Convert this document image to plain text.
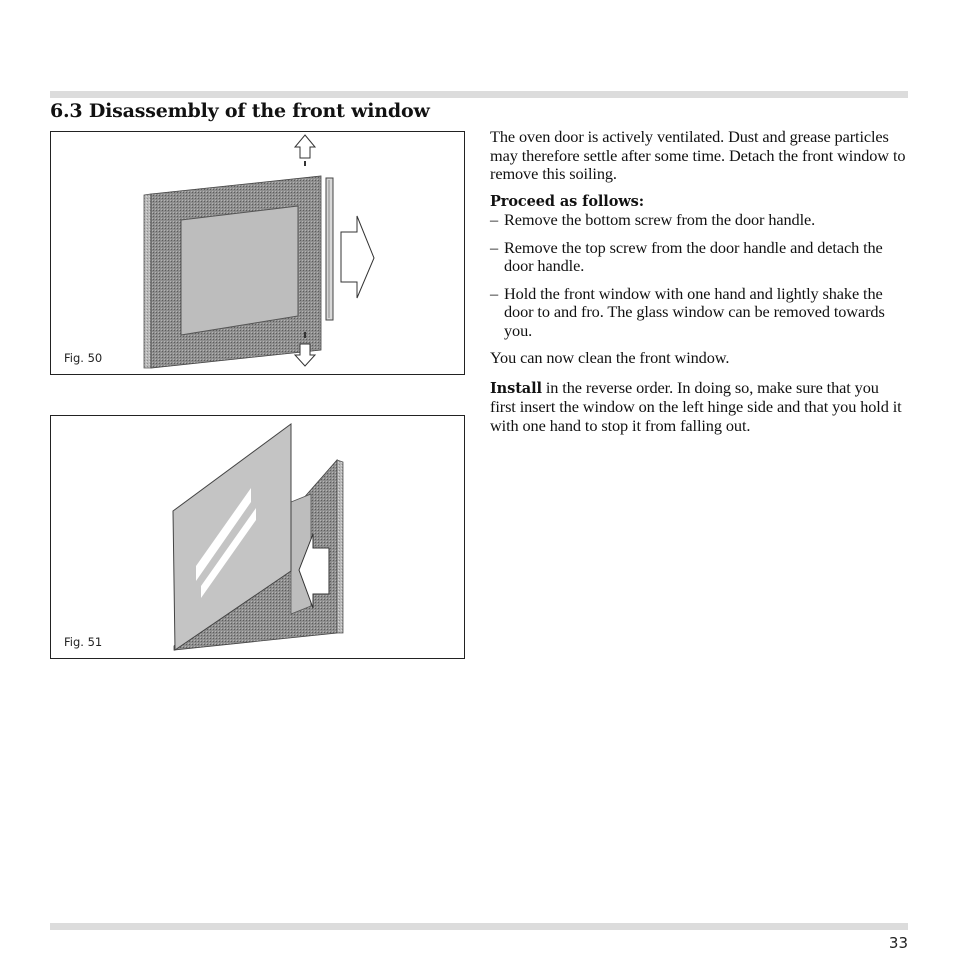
6.3 Disassembly of the front window
Fig. 50
Fig. 51

The oven door is actively ventilated. Dust and grease particles may therefore settle after some time. Detach the front window to remove this soiling.

Proceed as follows:

– Remove the bottom screw from the door handle.

– Remove the top screw from the door handle and detach the door handle.

– Hold the front window with one hand and lightly shake the door to and fro. The glass window can be removed towards you.

You can now clean the front window.

Install in the reverse order. In doing so, make sure that you first insert the window on the left hinge side and that you hold it with one hand to stop it from falling out.

33
